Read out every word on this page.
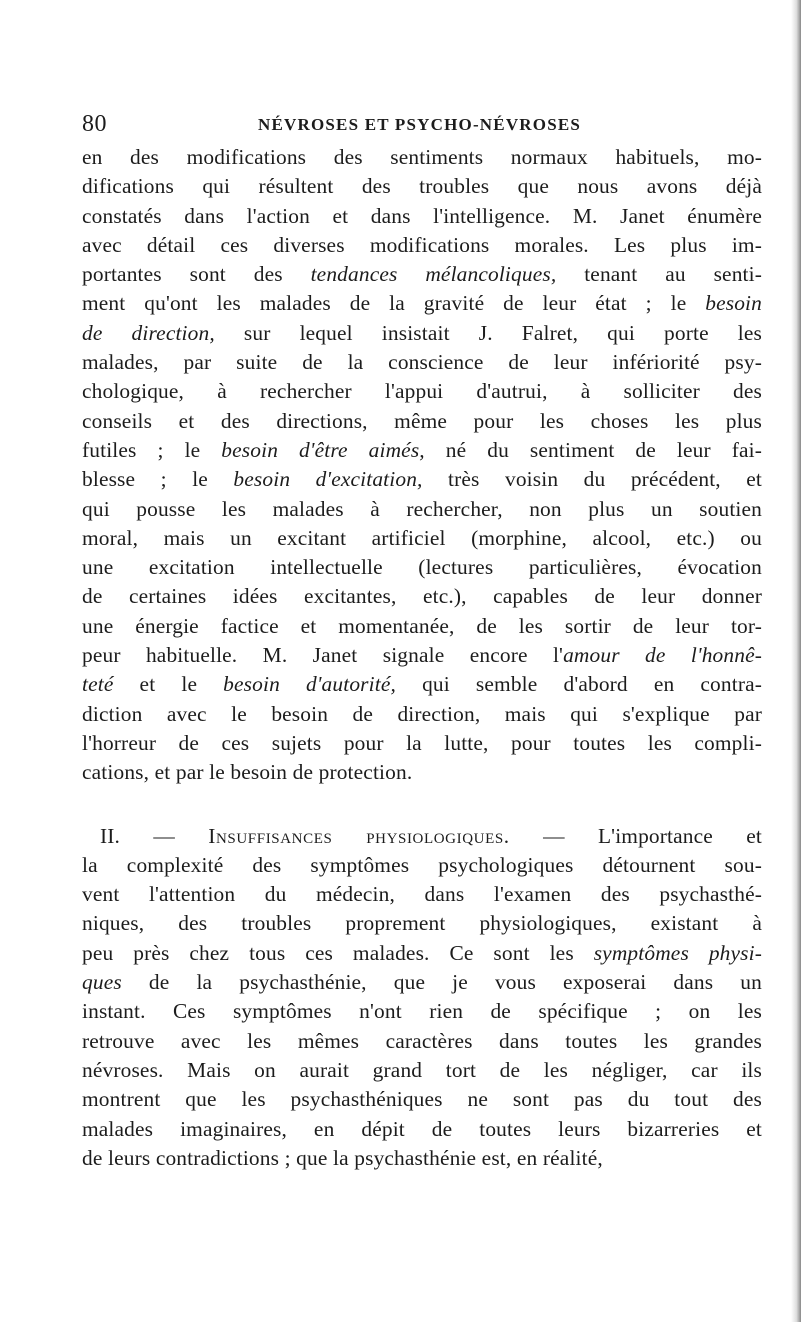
80	NÉVROSES ET PSYCHO-NÉVROSES
en des modifications des sentiments normaux habituels, mo-
difications qui résultent des troubles que nous avons déjà
constatés dans l'action et dans l'intelligence. M. Janet énumère
avec détail ces diverses modifications morales. Les plus im-
portantes sont des tendances mélancoliques, tenant au senti-
ment qu'ont les malades de la gravité de leur état ; le besoin
de direction, sur lequel insistait J. Falret, qui porte les
malades, par suite de la conscience de leur infériorité psy-
chologique, à rechercher l'appui d'autrui, à solliciter des
conseils et des directions, même pour les choses les plus
futiles ; le besoin d'être aimés, né du sentiment de leur fai-
blesse ; le besoin d'excitation, très voisin du précédent, et
qui pousse les malades à rechercher, non plus un soutien
moral, mais un excitant artificiel (morphine, alcool, etc.) ou
une excitation intellectuelle (lectures particulières, évocation
de certaines idées excitantes, etc.), capables de leur donner
une énergie factice et momentanée, de les sortir de leur tor-
peur habituelle. M. Janet signale encore l'amour de l'honnê-
teté et le besoin d'autorité, qui semble d'abord en contra-
diction avec le besoin de direction, mais qui s'explique par
l'horreur de ces sujets pour la lutte, pour toutes les compli-
cations, et par le besoin de protection.
II. — Insuffisances physiologiques. — L'importance et
la complexité des symptômes psychologiques détournent sou-
vent l'attention du médecin, dans l'examen des psychasthé-
niques, des troubles proprement physiologiques, existant à
peu près chez tous ces malades. Ce sont les symptômes physi-
ques de la psychasthénie, que je vous exposerai dans un
instant. Ces symptômes n'ont rien de spécifique ; on les
retrouve avec les mêmes caractères dans toutes les grandes
névroses. Mais on aurait grand tort de les négliger, car ils
montrent que les psychasthéniques ne sont pas du tout des
malades imaginaires, en dépit de toutes leurs bizarreries et
de leurs contradictions ; que la psychasthénie est, en réalité,
